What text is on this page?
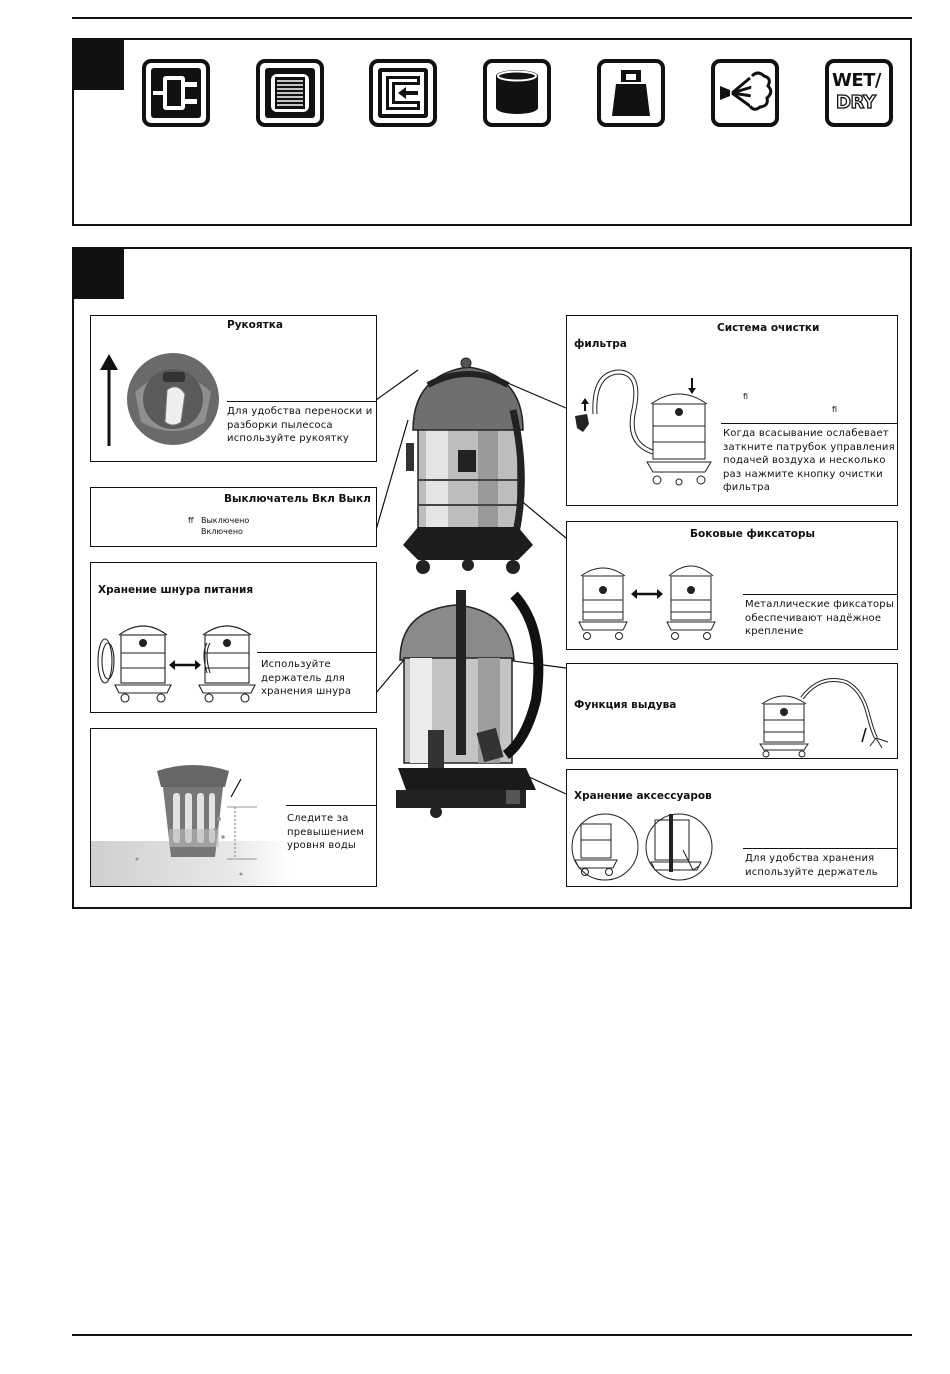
WET/
DRY
Рукоятка
Для удобства переноски и
разборки пылесоса
используйте рукоятку
Выключатель Вкл Выкл
ff Выключено
Включено
Хранение шнура питания
Используйте
держатель для
хранения шнура
Следите за
превышением
уровня воды
Система очистки
фильтра
fi
fi
Когда всасывание ослабевает
заткните патрубок управления
подачей воздуха и несколько
раз нажмите кнопку очистки
фильтра
Боковые фиксаторы
Металлические фиксаторы
обеспечивают надёжное
крепление
Функция выдува
Хранение аксессуаров
Для удобства хранения
используйте держатель
